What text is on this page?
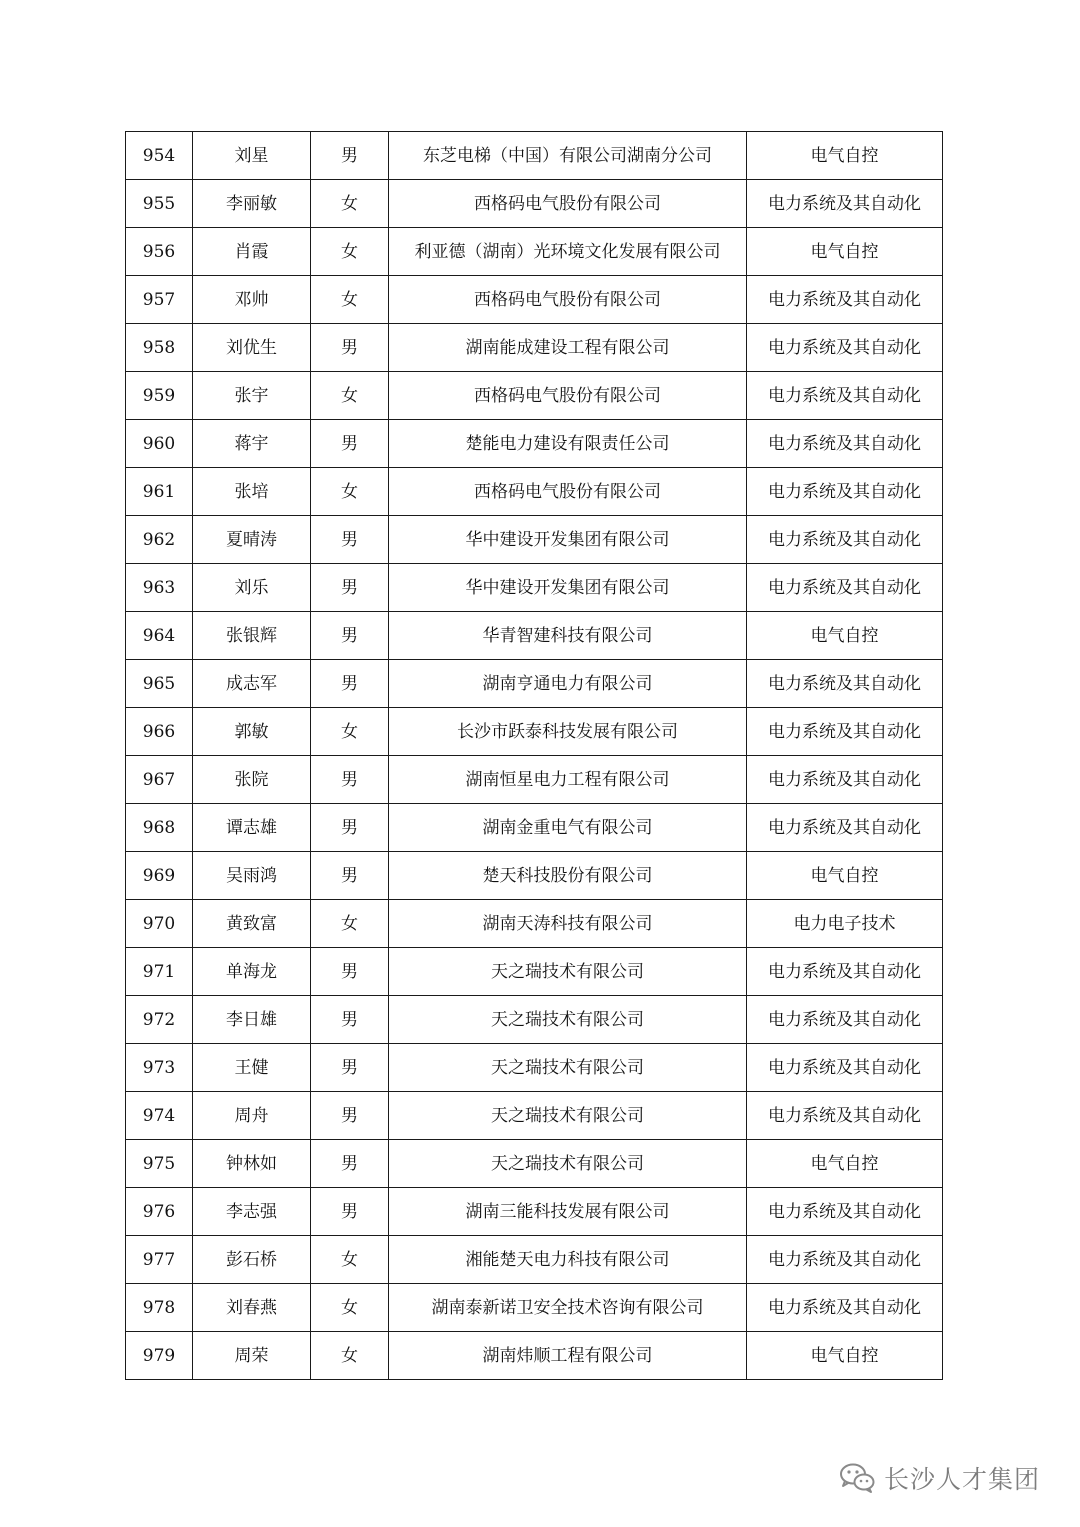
954	刘星	男	东芝电梯（中国）有限公司湖南分公司	电气自控
955	李丽敏	女	西格码电气股份有限公司	电力系统及其自动化
956	肖霞	女	利亚德（湖南）光环境文化发展有限公司	电气自控
957	邓帅	女	西格码电气股份有限公司	电力系统及其自动化
958	刘优生	男	湖南能成建设工程有限公司	电力系统及其自动化
959	张宇	女	西格码电气股份有限公司	电力系统及其自动化
960	蒋宇	男	楚能电力建设有限责任公司	电力系统及其自动化
961	张培	女	西格码电气股份有限公司	电力系统及其自动化
962	夏晴涛	男	华中建设开发集团有限公司	电力系统及其自动化
963	刘乐	男	华中建设开发集团有限公司	电力系统及其自动化
964	张银辉	男	华青智建科技有限公司	电气自控
965	成志军	男	湖南亨通电力有限公司	电力系统及其自动化
966	郭敏	女	长沙市跃泰科技发展有限公司	电力系统及其自动化
967	张院	男	湖南恒星电力工程有限公司	电力系统及其自动化
968	谭志雄	男	湖南金重电气有限公司	电力系统及其自动化
969	吴雨鸿	男	楚天科技股份有限公司	电气自控
970	黄致富	女	湖南天涛科技有限公司	电力电子技术
971	单海龙	男	天之瑞技术有限公司	电力系统及其自动化
972	李日雄	男	天之瑞技术有限公司	电力系统及其自动化
973	王健	男	天之瑞技术有限公司	电力系统及其自动化
974	周舟	男	天之瑞技术有限公司	电力系统及其自动化
975	钟林如	男	天之瑞技术有限公司	电气自控
976	李志强	男	湖南三能科技发展有限公司	电力系统及其自动化
977	彭石桥	女	湘能楚天电力科技有限公司	电力系统及其自动化
978	刘春燕	女	湖南泰新诺卫安全技术咨询有限公司	电力系统及其自动化
979	周荣	女	湖南炜顺工程有限公司	电气自控
长沙人才集团
